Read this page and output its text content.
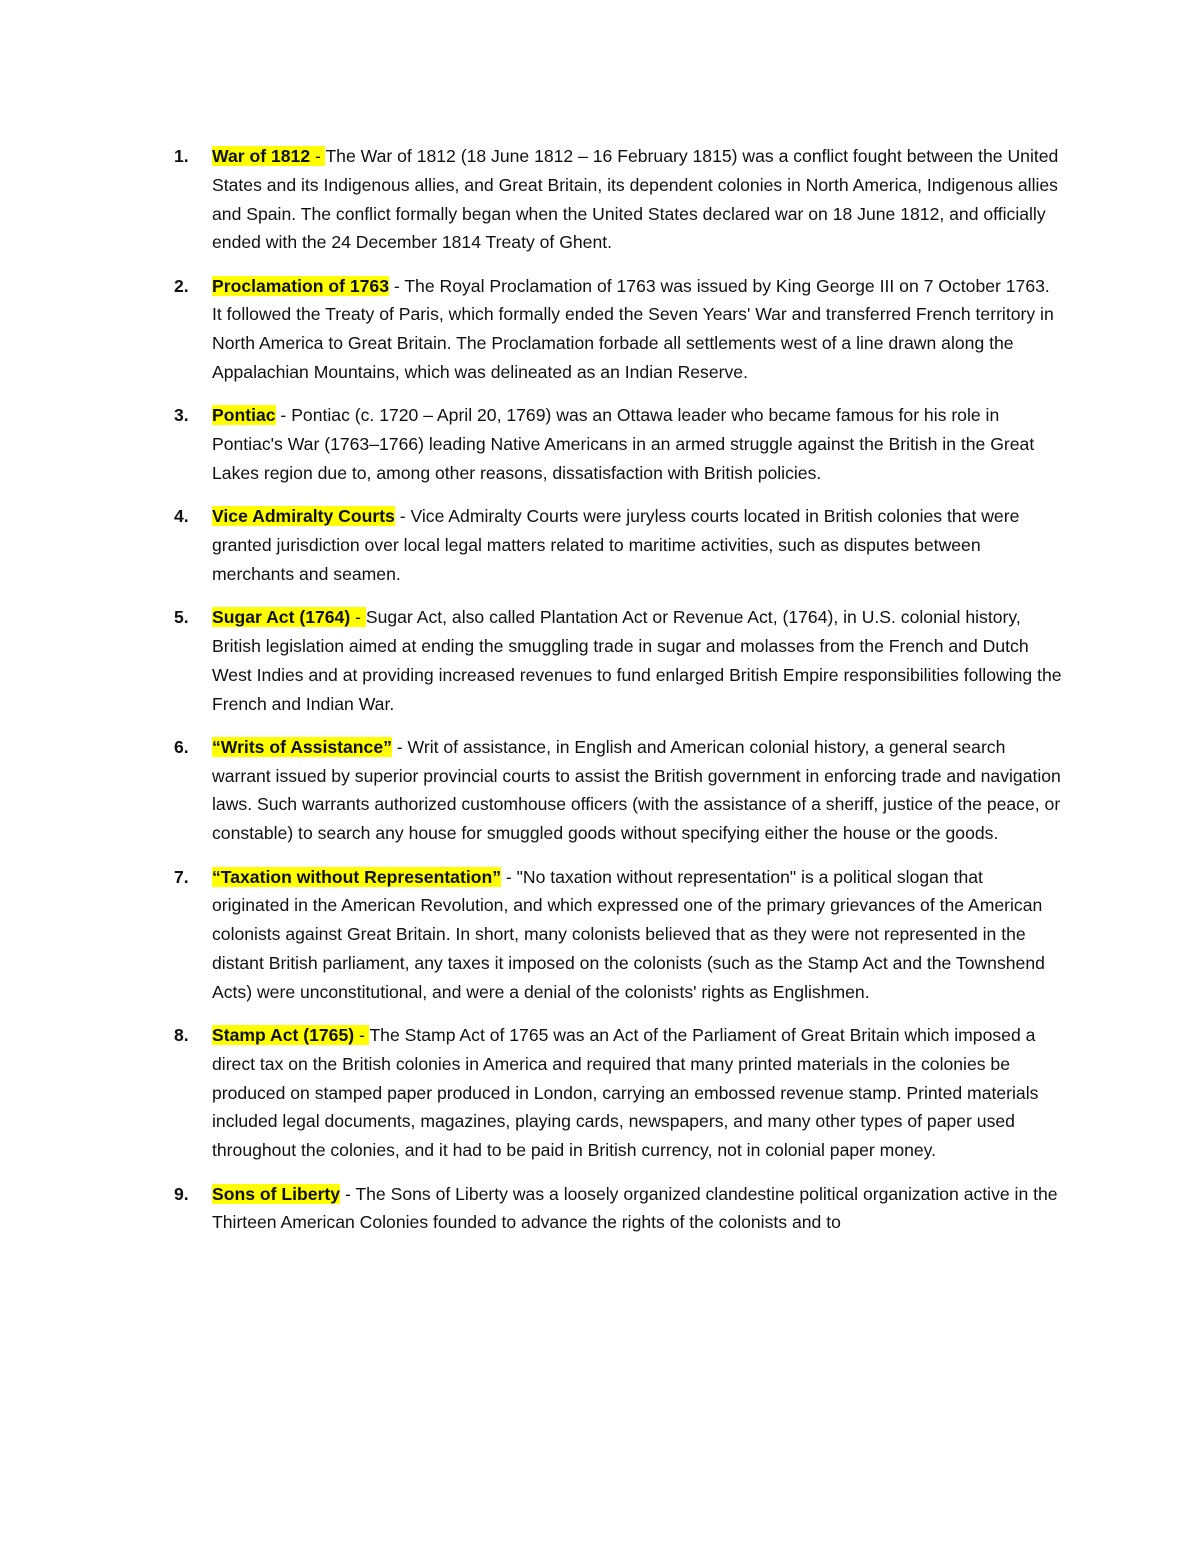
1. War of 1812 - The War of 1812 (18 June 1812 – 16 February 1815) was a conflict fought between the United States and its Indigenous allies, and Great Britain, its dependent colonies in North America, Indigenous allies and Spain. The conflict formally began when the United States declared war on 18 June 1812, and officially ended with the 24 December 1814 Treaty of Ghent.
2. Proclamation of 1763 - The Royal Proclamation of 1763 was issued by King George III on 7 October 1763. It followed the Treaty of Paris, which formally ended the Seven Years' War and transferred French territory in North America to Great Britain. The Proclamation forbade all settlements west of a line drawn along the Appalachian Mountains, which was delineated as an Indian Reserve.
3. Pontiac - Pontiac (c. 1720 – April 20, 1769) was an Ottawa leader who became famous for his role in Pontiac's War (1763–1766) leading Native Americans in an armed struggle against the British in the Great Lakes region due to, among other reasons, dissatisfaction with British policies.
4. Vice Admiralty Courts - Vice Admiralty Courts were juryless courts located in British colonies that were granted jurisdiction over local legal matters related to maritime activities, such as disputes between merchants and seamen.
5. Sugar Act (1764) - Sugar Act, also called Plantation Act or Revenue Act, (1764), in U.S. colonial history, British legislation aimed at ending the smuggling trade in sugar and molasses from the French and Dutch West Indies and at providing increased revenues to fund enlarged British Empire responsibilities following the French and Indian War.
6. “Writs of Assistance” - Writ of assistance, in English and American colonial history, a general search warrant issued by superior provincial courts to assist the British government in enforcing trade and navigation laws. Such warrants authorized customhouse officers (with the assistance of a sheriff, justice of the peace, or constable) to search any house for smuggled goods without specifying either the house or the goods.
7. “Taxation without Representation” - "No taxation without representation" is a political slogan that originated in the American Revolution, and which expressed one of the primary grievances of the American colonists against Great Britain. In short, many colonists believed that as they were not represented in the distant British parliament, any taxes it imposed on the colonists (such as the Stamp Act and the Townshend Acts) were unconstitutional, and were a denial of the colonists' rights as Englishmen.
8. Stamp Act (1765) - The Stamp Act of 1765 was an Act of the Parliament of Great Britain which imposed a direct tax on the British colonies in America and required that many printed materials in the colonies be produced on stamped paper produced in London, carrying an embossed revenue stamp. Printed materials included legal documents, magazines, playing cards, newspapers, and many other types of paper used throughout the colonies, and it had to be paid in British currency, not in colonial paper money.
9. Sons of Liberty - The Sons of Liberty was a loosely organized clandestine political organization active in the Thirteen American Colonies founded to advance the rights of the colonists and to
